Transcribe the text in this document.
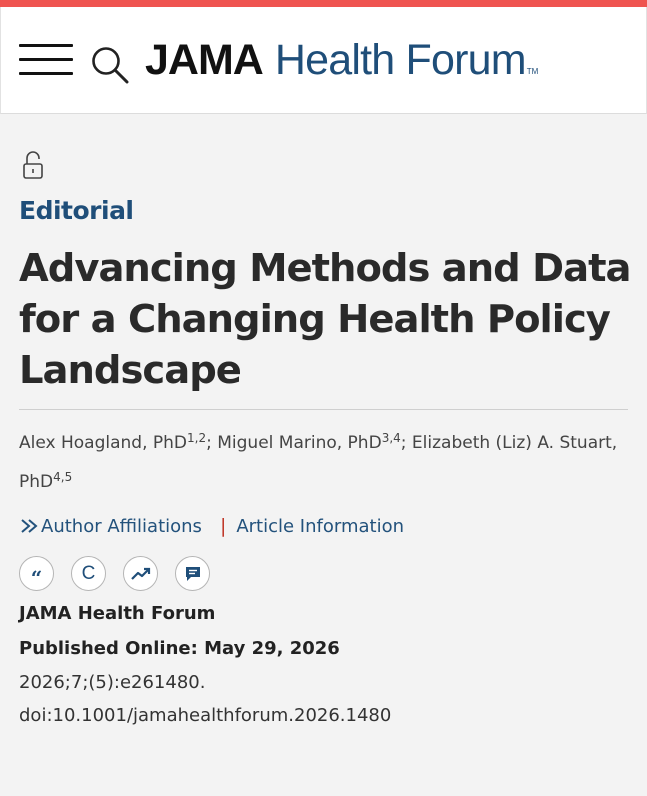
JAMA Health Forum TM
Editorial
Advancing Methods and Data for a Changing Health Policy Landscape
Alex Hoagland, PhD$^{1,2}$; Miguel Marino, PhD$^{3,4}$; Elizabeth (Liz) A. Stuart, PhD$^{4,5}$
Author Affiliations | Article Information
“ C
JAMA Health Forum
Published Online: May 29, 2026
2026;7;(5):e261480.
doi:10.1001/jamahealthforum.2026.1480
